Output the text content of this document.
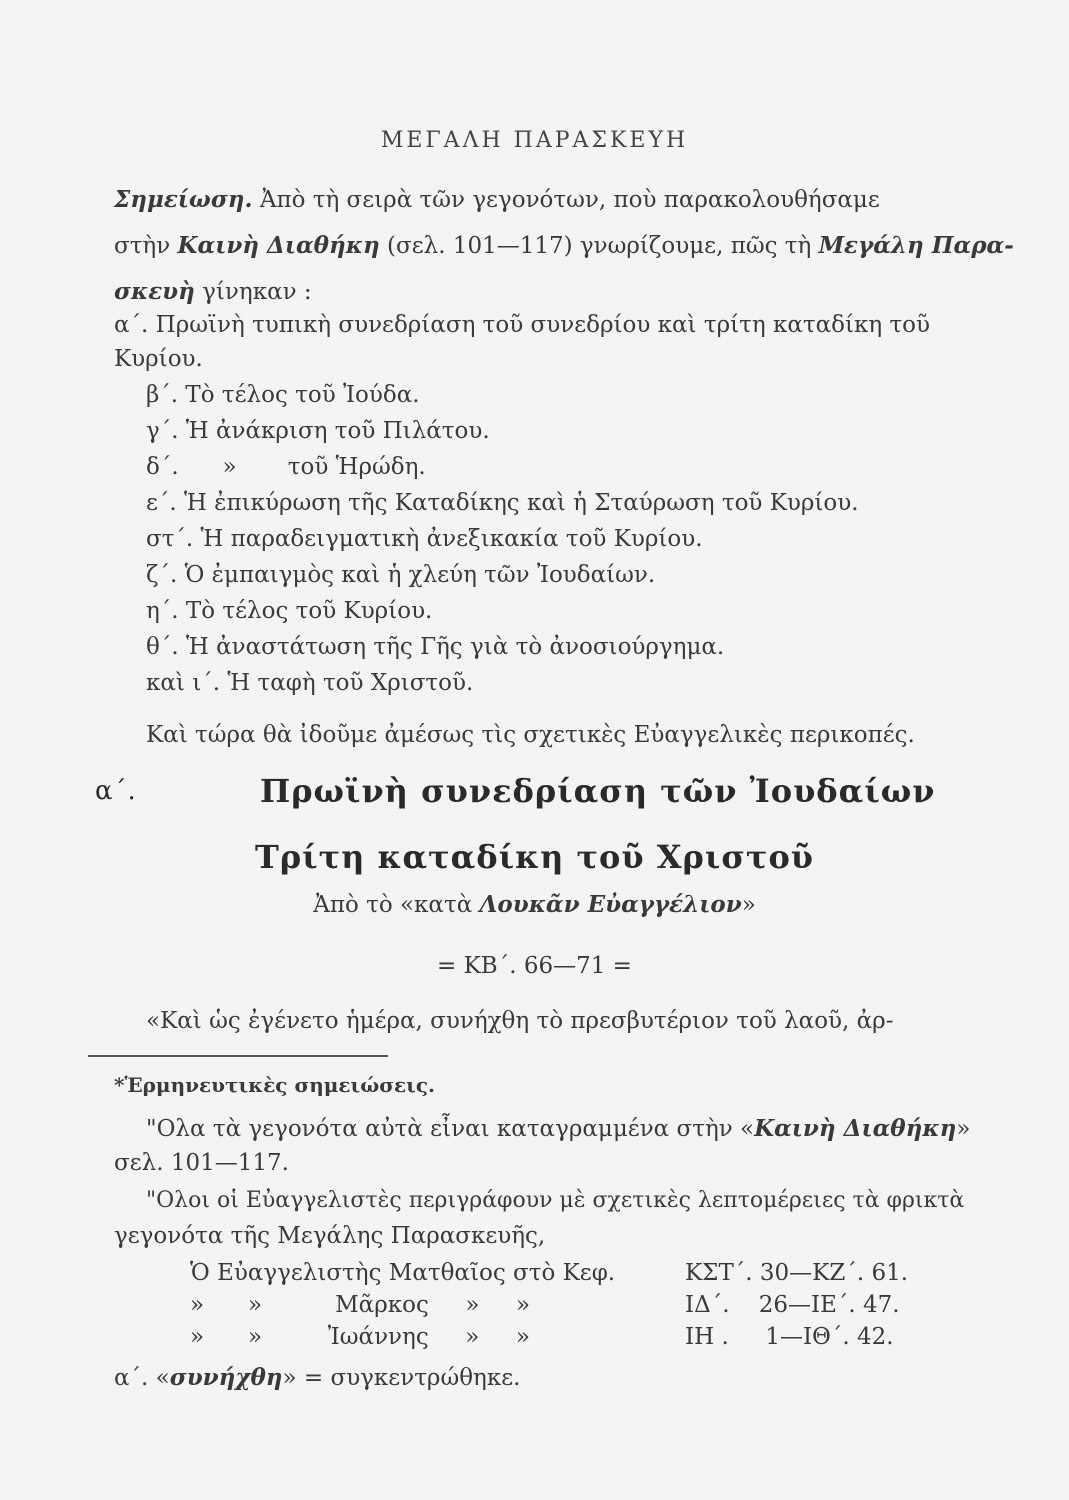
ΜΕΓΑΛΗ ΠΑΡΑΣΚΕΥΗ
Σημείωση. Ἀπὸ τὴ σειρὰ τῶν γεγονότων, ποὺ παρακολουθήσαμε
στὴν Καινὴ Διαθήκη (σελ. 101—117) γνωρίζουμε, πῶς τὴ Μεγάλη Παρα-
σκευὴ γίνηκαν :
α΄. Πρωϊνὴ τυπικὴ συνεδρίαση τοῦ συνεδρίου καὶ τρίτη καταδίκη τοῦ
Κυρίου.
β΄. Τὸ τέλος τοῦ Ἰούδα.
γ΄. Ἡ ἀνάκριση τοῦ Πιλάτου.
δ΄.      »       τοῦ Ἡρώδη.
ε΄. Ἡ ἐπικύρωση τῆς Καταδίκης καὶ ἡ Σταύρωση τοῦ Κυρίου.
στ΄. Ἡ παραδειγματικὴ ἀνεξικακία τοῦ Κυρίου.
ζ΄. Ὁ ἐμπαιγμὸς καὶ ἡ χλεύη τῶν Ἰουδαίων.
η΄. Τὸ τέλος τοῦ Κυρίου.
θ΄. Ἡ ἀναστάτωση τῆς Γῆς γιὰ τὸ ἀνοσιούργημα.
καὶ ι΄. Ἡ ταφὴ τοῦ Χριστοῦ.
Καὶ τώρα θὰ ἰδοῦμε ἀμέσως τὶς σχετικὲς Εὐαγγελικὲς περικοπές.
α΄.	Πρωϊνὴ συνεδρίαση τῶν Ἰουδαίων
Τρίτη καταδίκη τοῦ Χριστοῦ
Ἀπὸ τὸ «κατὰ Λουκᾶν Εὐαγγέλιον»
= ΚΒ΄. 66—71 =
«Καὶ ὡς ἐγένετο ἡμέρα, συνήχθη τὸ πρεσβυτέριον τοῦ λαοῦ, ἀρ-
*Ἑρμηνευτικὲς σημειώσεις.
"Ολα τὰ γεγονότα αὐτὰ εἶναι καταγραμμένα στὴν «Καινὴ Διαθήκη»
σελ. 101—117.
"Ολοι οἱ Εὐαγγελιστὲς περιγράφουν μὲ σχετικὲς λεπτομέρειες τὰ φρικτὰ
γεγονότα τῆς Μεγάλης Παρασκευῆς,
Ὁ Εὐαγγελιστὴς Ματθαῖος στὸ Κεφ.	ΚΣΤ΄. 30—ΚΖ΄. 61.
»      »          Μᾶρκος     »     »	ΙΔ΄.    26—ΙΕ΄. 47.
»      »         Ἰωάννης     »     »	ΙΗ .     1—ΙΘ΄. 42.
α΄. «συνήχθη» = συγκεντρώθηκε.
